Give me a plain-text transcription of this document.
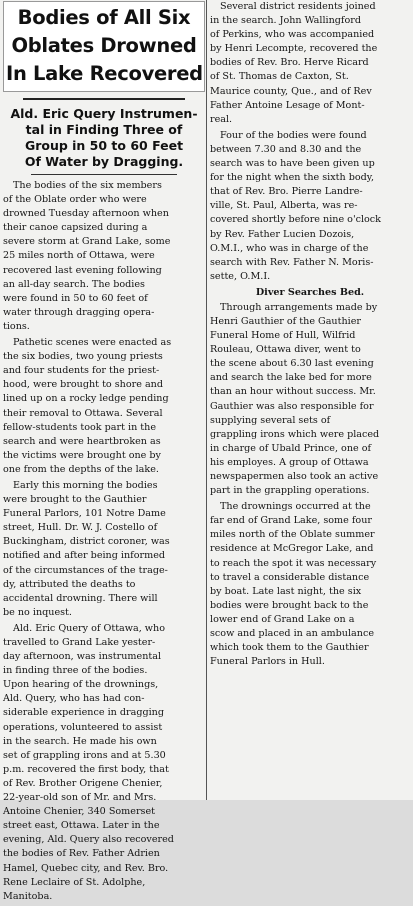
Bodies of All Six
Oblates Drowned
In Lake Recovered
Ald. Eric Query Instrumen-
tal in Finding Three of
Group in 50 to 60 Feet
Of Water by Dragging.
The bodies of the six members
of the Oblate order who were
drowned Tuesday afternoon when
their canoe capsized during a
severe storm at Grand Lake, some
25 miles north of Ottawa, were
recovered last evening following
an all-day search. The bodies
were found in 50 to 60 feet of
water through dragging opera-
tions.
Pathetic scenes were enacted as
the six bodies, two young priests
and four students for the priest-
hood, were brought to shore and
lined up on a rocky ledge pending
their removal to Ottawa. Several
fellow-students took part in the
search and were heartbroken as
the victims were brought one by
one from the depths of the lake.
Early this morning the bodies
were brought to the Gauthier
Funeral Parlors, 101 Notre Dame
street, Hull. Dr. W. J. Costello of
Buckingham, district coroner, was
notified and after being informed
of the circumstances of the trage-
dy, attributed the deaths to
accidental drowning. There will
be no inquest.
Ald. Eric Query of Ottawa, who
travelled to Grand Lake yester-
day afternoon, was instrumental
in finding three of the bodies.
Upon hearing of the drownings,
Ald. Query, who has had con-
siderable experience in dragging
operations, volunteered to assist
in the search. He made his own
set of grappling irons and at 5.30
p.m. recovered the first body, that
of Rev. Brother Origene Chenier,
22-year-old son of Mr. and Mrs.
Antoine Chenier, 340 Somerset
street east, Ottawa. Later in the
evening, Ald. Query also recovered
the bodies of Rev. Father Adrien
Hamel, Quebec city, and Rev. Bro.
Rene Leclaire of St. Adolphe,
Manitoba.
Several district residents joined
in the search. John Wallingford
of Perkins, who was accompanied
by Henri Lecompte, recovered the
bodies of Rev. Bro. Herve Ricard
of St. Thomas de Caxton, St.
Maurice county, Que., and of Rev
Father Antoine Lesage of Mont-
real.
Four of the bodies were found
between 7.30 and 8.30 and the
search was to have been given up
for the night when the sixth body,
that of Rev. Bro. Pierre Landre-
ville, St. Paul, Alberta, was re-
covered shortly before nine o'clock
by Rev. Father Lucien Dozois,
O.M.I., who was in charge of the
search with Rev. Father N. Moris-
sette, O.M.I.
Diver Searches Bed.
Through arrangements made by
Henri Gauthier of the Gauthier
Funeral Home of Hull, Wilfrid
Rouleau, Ottawa diver, went to
the scene about 6.30 last evening
and search the lake bed for more
than an hour without success. Mr.
Gauthier was also responsible for
supplying several sets of
grappling irons which were placed
in charge of Ubald Prince, one of
his employes. A group of Ottawa
newspapermen also took an active
part in the grappling operations.
The drownings occurred at the
far end of Grand Lake, some four
miles north of the Oblate summer
residence at McGregor Lake, and
to reach the spot it was necessary
to travel a considerable distance
by boat. Late last night, the six
bodies were brought back to the
lower end of Grand Lake on a
scow and placed in an ambulance
which took them to the Gauthier
Funeral Parlors in Hull.
